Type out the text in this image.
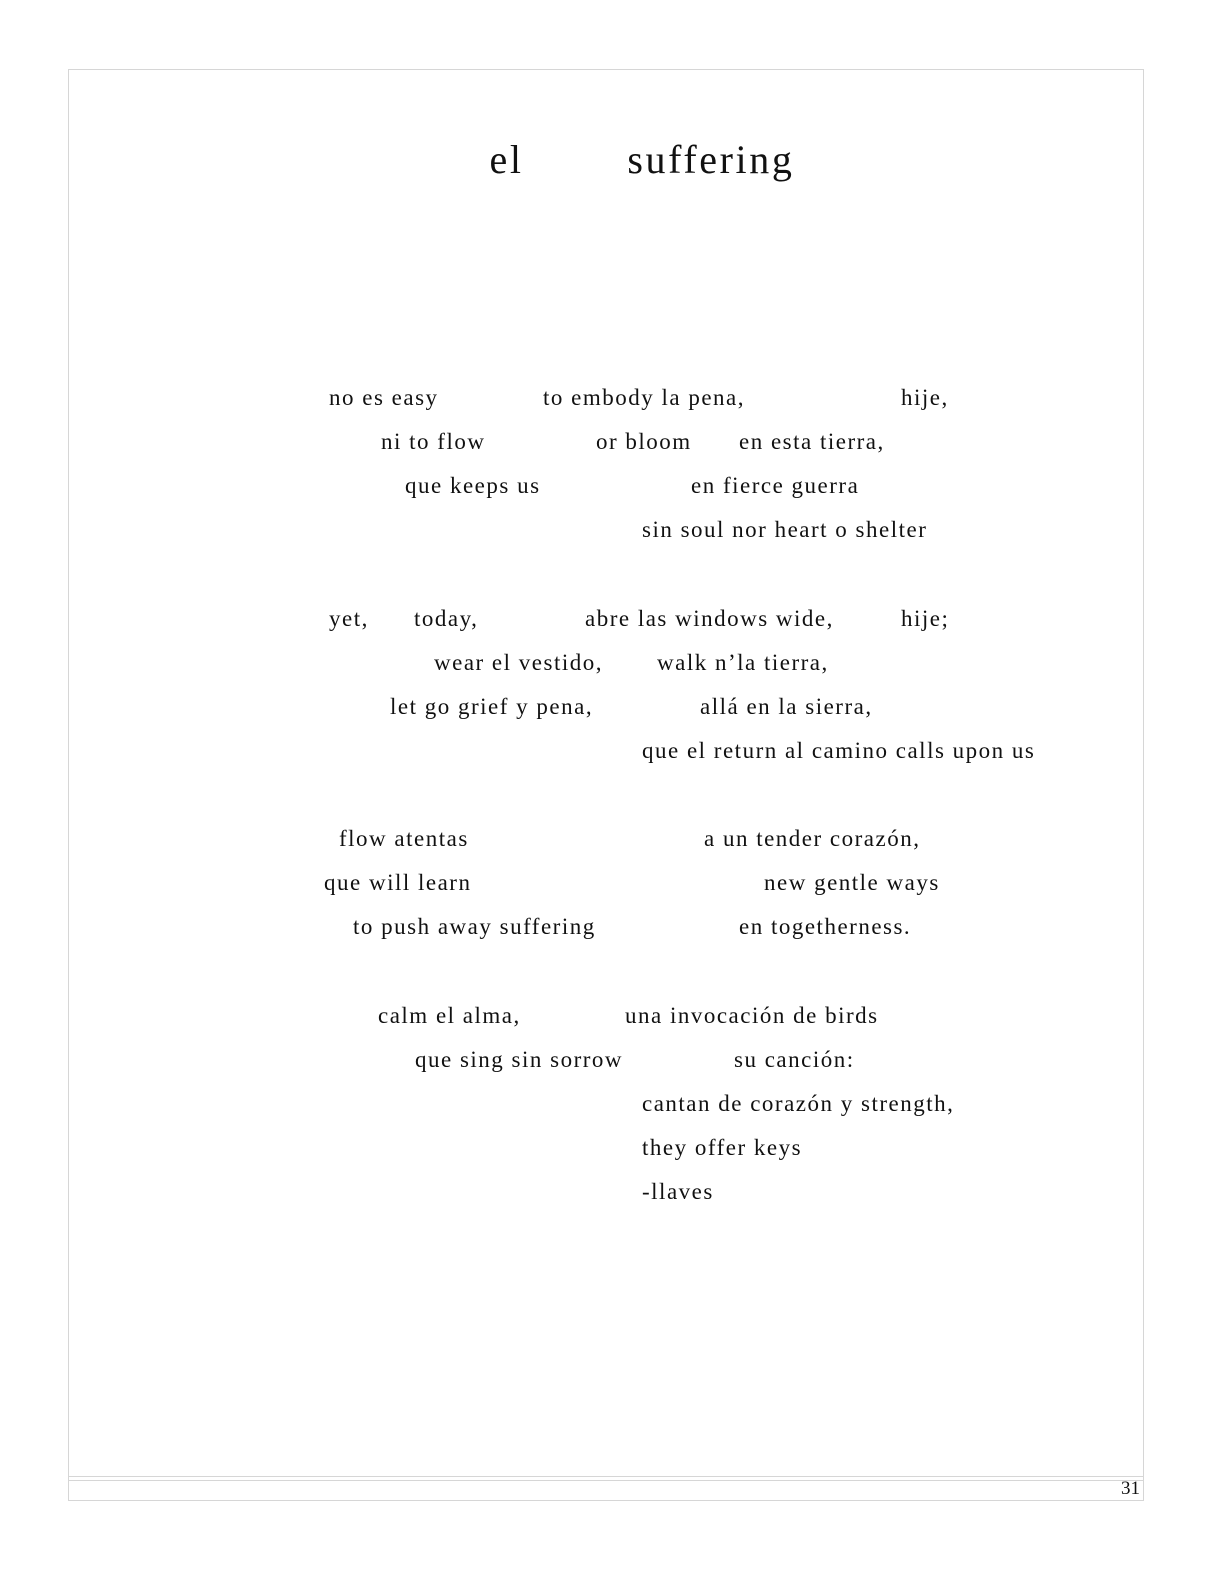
31
el   suffering
no es easy	to embody la pena,	hije,
ni to flow	or bloom en esta tierra,
que keeps us	en fierce guerra
sin soul nor heart o shelter
yet, today,	abre las windows wide,	hije;
wear el vestido, walk n’la tierra,
let go grief y pena,	allá en la sierra,
que el return al camino calls upon us
flow atentas	a un tender corazón,
que will learn	new gentle ways
to push away suffering	en togetherness.
calm el alma,	una invocación de birds
que sing sin sorrow	su canción:
cantan de corazón y strength,
they offer keys
-llaves
